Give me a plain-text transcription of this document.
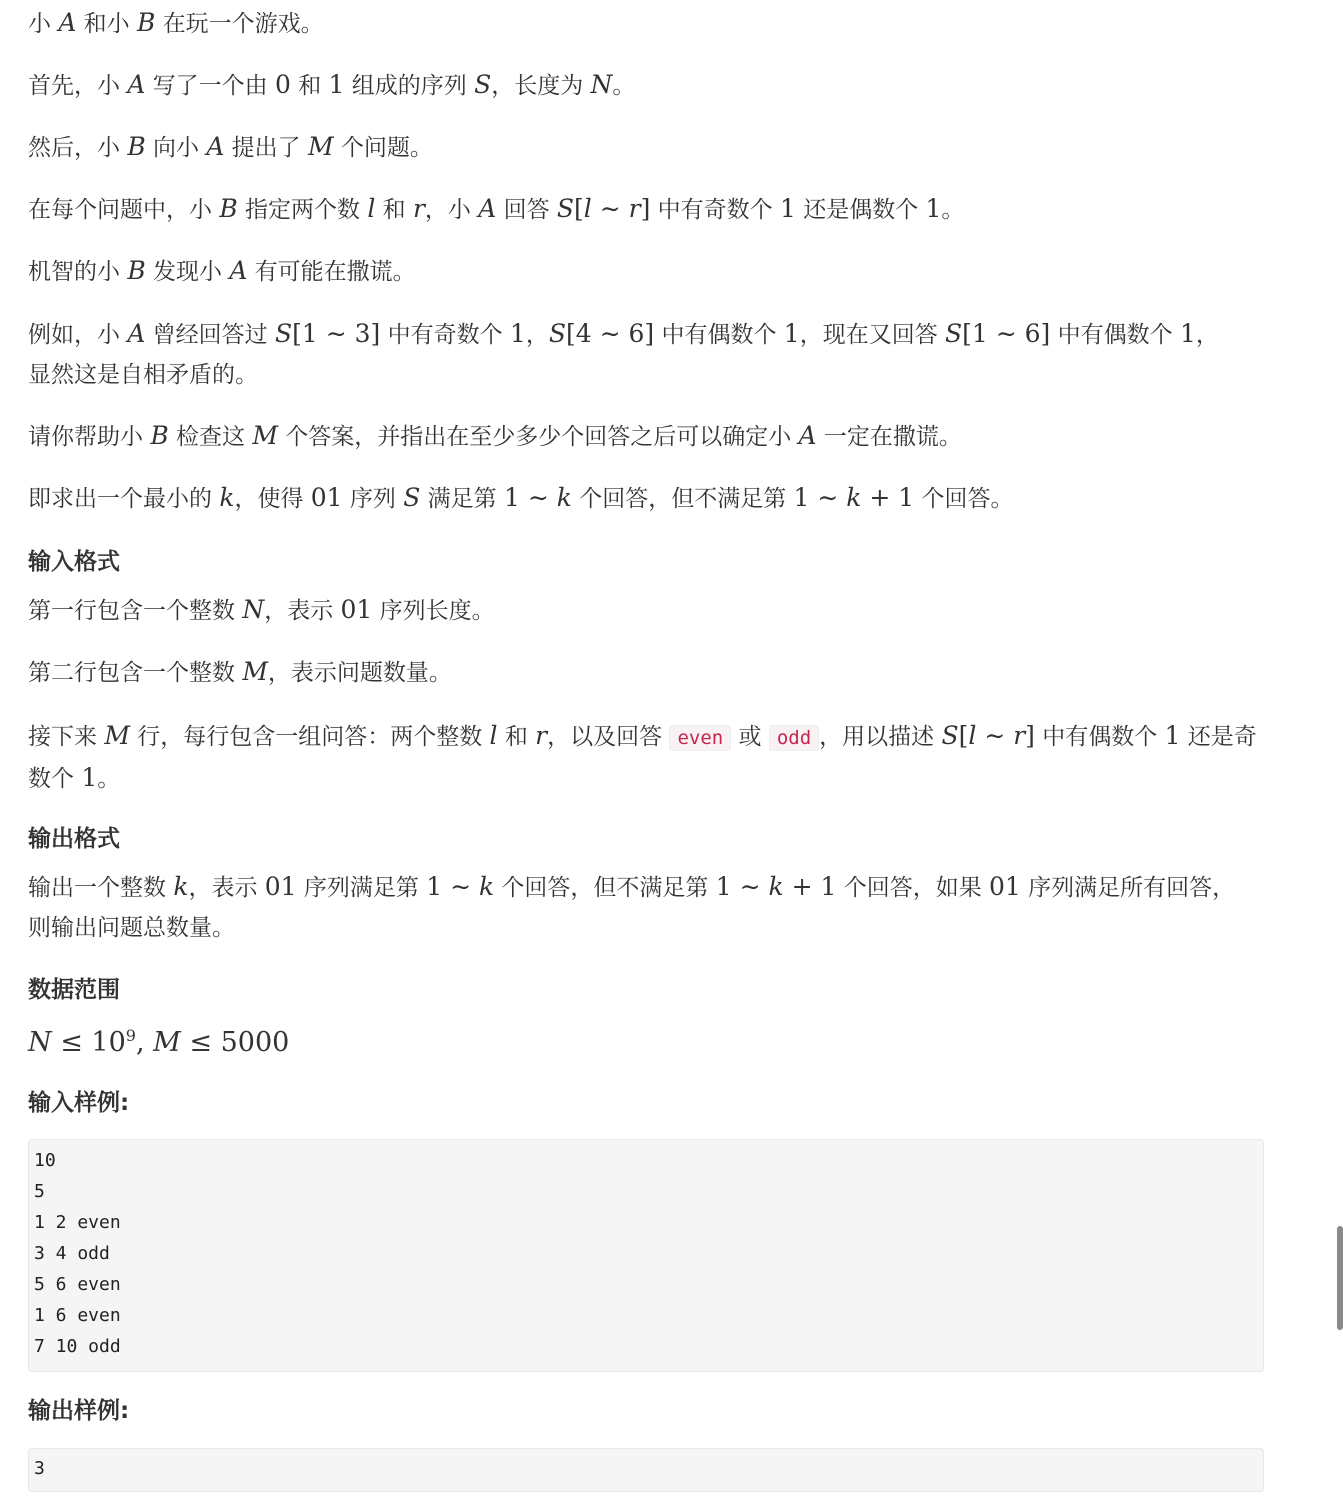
小 A 和小 B 在玩一个游戏。
首先，小 A 写了一个由 0 和 1 组成的序列 S，长度为 N。
然后，小 B 向小 A 提出了 M 个问题。
在每个问题中，小 B 指定两个数 l 和 r，小 A 回答 S[l ∼ r] 中有奇数个 1 还是偶数个 1。
机智的小 B 发现小 A 有可能在撒谎。
例如，小 A 曾经回答过 S[1 ∼ 3] 中有奇数个 1，S[4 ∼ 6] 中有偶数个 1，现在又回答 S[1 ∼ 6] 中有偶数个 1，显然这是自相矛盾的。
请你帮助小 B 检查这 M 个答案，并指出在至少多少个回答之后可以确定小 A 一定在撒谎。
即求出一个最小的 k，使得 01 序列 S 满足第 1 ∼ k 个回答，但不满足第 1 ∼ k + 1 个回答。
输入格式
第一行包含一个整数 N，表示 01 序列长度。
第二行包含一个整数 M，表示问题数量。
接下来 M 行，每行包含一组问答：两个整数 l 和 r，以及回答 even 或 odd ，用以描述 S[l ∼ r] 中有偶数个 1 还是奇数个 1。
输出格式
输出一个整数 k，表示 01 序列满足第 1 ∼ k 个回答，但不满足第 1 ∼ k + 1 个回答，如果 01 序列满足所有回答，则输出问题总数量。
数据范围
$N \le 10^9$, M ≤ 5000
输入样例:
10
5
1 2 even
3 4 odd
5 6 even
1 6 even
7 10 odd
输出样例:
3
